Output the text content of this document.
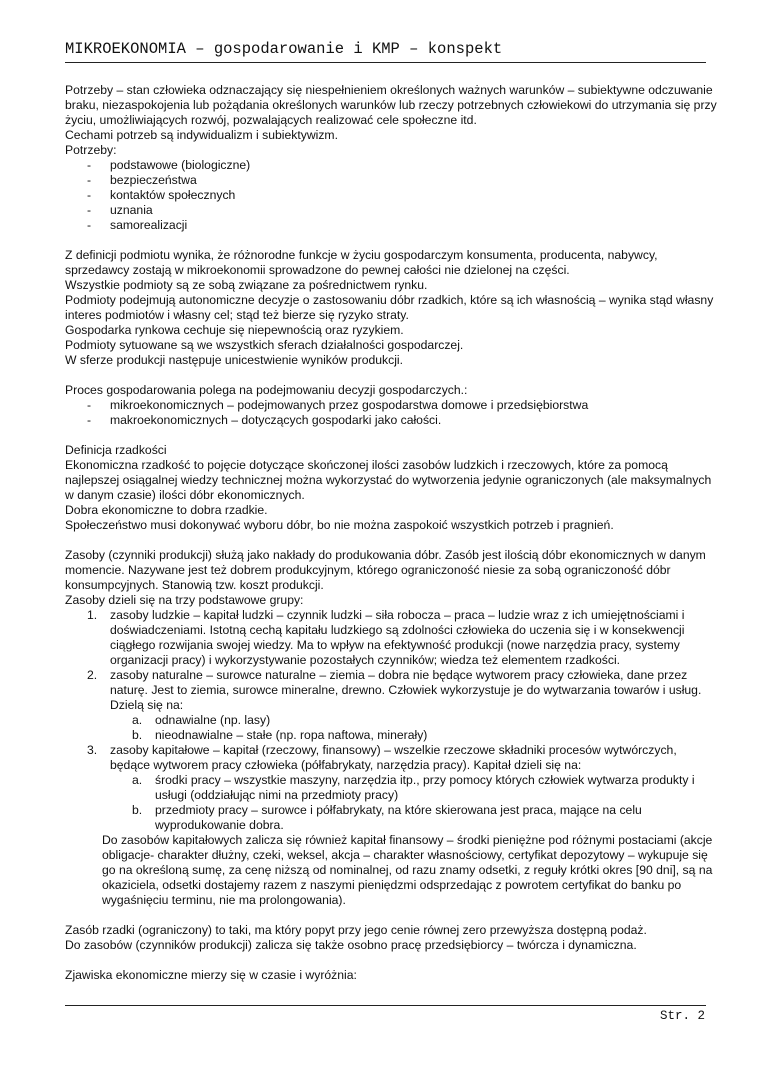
MIKROEKONOMIA – gospodarowanie i KMP – konspekt

Potrzeby – stan człowieka odznaczający się niespełnieniem określonych ważnych warunków – subiektywne odczuwanie braku, niezaspokojenia lub pożądania określonych warunków lub rzeczy potrzebnych człowiekowi do utrzymania się przy życiu, umożliwiających rozwój, pozwalających realizować cele społeczne itd.

Cechami potrzeb są indywidualizm i subiektywizm.

Potrzeby:

- podstawowe (biologiczne)
- bezpieczeństwa
- kontaktów społecznych
- uznania
- samorealizacji

Z definicji podmiotu wynika, że różnorodne funkcje w życiu gospodarczym konsumenta, producenta, nabywcy, sprzedawcy zostają w mikroekonomii sprowadzone do pewnej całości nie dzielonej na części.

Wszystkie podmioty są ze sobą związane za pośrednictwem rynku.

Podmioty podejmują autonomiczne decyzje o zastosowaniu dóbr rzadkich, które są ich własnością – wynika stąd własny interes podmiotów i własny cel; stąd też bierze się ryzyko straty.

Gospodarka rynkowa cechuje się niepewnością oraz ryzykiem.

Podmioty sytuowane są we wszystkich sferach działalności gospodarczej.

W sferze produkcji następuje unicestwienie wyników produkcji.

Proces gospodarowania polega na podejmowaniu decyzji gospodarczych.:

- mikroekonomicznych – podejmowanych przez gospodarstwa domowe i przedsiębiorstwa
- makroekonomicznych – dotyczących gospodarki jako całości.

Definicja rzadkości

Ekonomiczna rzadkość to pojęcie dotyczące skończonej ilości zasobów ludzkich i rzeczowych, które za pomocą najlepszej osiągalnej wiedzy technicznej można wykorzystać do wytworzenia jedynie ograniczonych (ale maksymalnych w danym czasie) ilości dóbr ekonomicznych.

Dobra ekonomiczne to dobra rzadkie.

Społeczeństwo musi dokonywać wyboru dóbr, bo nie można zaspokoić wszystkich potrzeb i pragnień.

Zasoby (czynniki produkcji) służą jako nakłady do produkowania dóbr. Zasób jest ilością dóbr ekonomicznych w danym momencie. Nazywane jest też dobrem produkcyjnym, którego ograniczoność niesie za sobą ograniczoność dóbr konsumpcyjnych. Stanowią tzw. koszt produkcji.

Zasoby dzieli się na trzy podstawowe grupy:

1. zasoby ludzkie – kapitał ludzki – czynnik ludzki – siła robocza – praca – ludzie wraz z ich umiejętnościami i doświadczeniami. Istotną cechą kapitału ludzkiego są zdolności człowieka do uczenia się i w konsekwencji ciągłego rozwijania swojej wiedzy. Ma to wpływ na efektywność produkcji (nowe narzędzia pracy, systemy organizacji pracy) i wykorzystywanie pozostałych czynników; wiedza też elementem rzadkości.
2. zasoby naturalne – surowce naturalne – ziemia – dobra nie będące wytworem pracy człowieka, dane przez naturę. Jest to ziemia, surowce mineralne, drewno. Człowiek wykorzystuje je do wytwarzania towarów i usług. Dzielą się na:
a. odnawialne (np. lasy)
b. nieodnawialne – stałe (np. ropa naftowa, minerały)
3. zasoby kapitałowe – kapitał (rzeczowy, finansowy) – wszelkie rzeczowe składniki procesów wytwórczych, będące wytworem pracy człowieka (półfabrykaty, narzędzia pracy). Kapitał dzieli się na:
a. środki pracy – wszystkie maszyny, narzędzia itp., przy pomocy których człowiek wytwarza produkty i usługi (oddziałując nimi na przedmioty pracy)
b. przedmioty pracy – surowce i półfabrykaty, na które skierowana jest praca, mające na celu wyprodukowanie dobra.

Do zasobów kapitałowych zalicza się również kapitał finansowy – środki pieniężne pod różnymi postaciami (akcje obligacje- charakter dłużny, czeki, weksel, akcja – charakter własnościowy, certyfikat depozytowy – wykupuje się go na określoną sumę, za cenę niższą od nominalnej, od razu znamy odsetki, z reguły krótki okres [90 dni], są na okaziciela, odsetki dostajemy razem z naszymi pieniędzmi odsprzedając z powrotem certyfikat do banku po wygaśnięciu terminu, nie ma prolongowania).

Zasób rzadki (ograniczony) to taki, ma który popyt przy jego cenie równej zero przewyższa dostępną podaż.

Do zasobów (czynników produkcji) zalicza się także osobno pracę przedsiębiorcy – twórcza i dynamiczna.

Zjawiska ekonomiczne mierzy się w czasie i wyróżnia:

Str. 2
